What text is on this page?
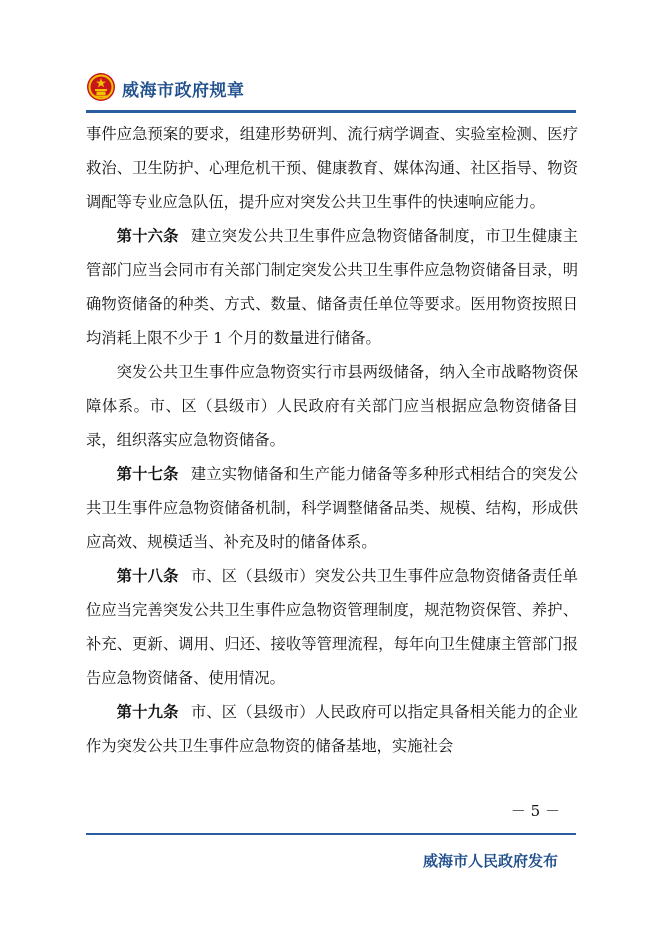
威海市政府规章

事件应急预案的要求，组建形势研判、流行病学调查、实验室检测、医疗救治、卫生防护、心理危机干预、健康教育、媒体沟通、社区指导、物资调配等专业应急队伍，提升应对突发公共卫生事件的快速响应能力。

第十六条 建立突发公共卫生事件应急物资储备制度，市卫生健康主管部门应当会同市有关部门制定突发公共卫生事件应急物资储备目录，明确物资储备的种类、方式、数量、储备责任单位等要求。医用物资按照日均消耗上限不少于 1 个月的数量进行储备。

突发公共卫生事件应急物资实行市县两级储备，纳入全市战略物资保障体系。市、区（县级市）人民政府有关部门应当根据应急物资储备目录，组织落实应急物资储备。

第十七条 建立实物储备和生产能力储备等多种形式相结合的突发公共卫生事件应急物资储备机制，科学调整储备品类、规模、结构，形成供应高效、规模适当、补充及时的储备体系。

第十八条 市、区（县级市）突发公共卫生事件应急物资储备责任单位应当完善突发公共卫生事件应急物资管理制度，规范物资保管、养护、补充、更新、调用、归还、接收等管理流程，每年向卫生健康主管部门报告应急物资储备、使用情况。

第十九条 市、区（县级市）人民政府可以指定具备相关能力的企业作为突发公共卫生事件应急物资的储备基地，实施社会

－ 5 －
威海市人民政府发布
